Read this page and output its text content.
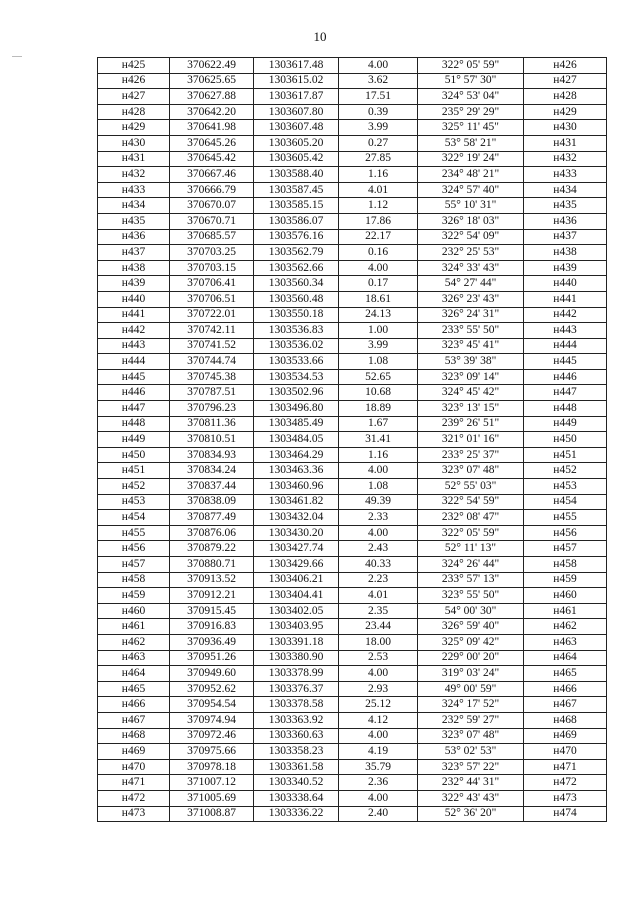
10
н425	370622.49	1303617.48	4.00	322° 05' 59"	н426
н426	370625.65	1303615.02	3.62	51° 57' 30"	н427
н427	370627.88	1303617.87	17.51	324° 53' 04"	н428
н428	370642.20	1303607.80	0.39	235° 29' 29"	н429
н429	370641.98	1303607.48	3.99	325° 11' 45"	н430
н430	370645.26	1303605.20	0.27	53° 58' 21"	н431
н431	370645.42	1303605.42	27.85	322° 19' 24"	н432
н432	370667.46	1303588.40	1.16	234° 48' 21"	н433
н433	370666.79	1303587.45	4.01	324° 57' 40"	н434
н434	370670.07	1303585.15	1.12	55° 10' 31"	н435
н435	370670.71	1303586.07	17.86	326° 18' 03"	н436
н436	370685.57	1303576.16	22.17	322° 54' 09"	н437
н437	370703.25	1303562.79	0.16	232° 25' 53"	н438
н438	370703.15	1303562.66	4.00	324° 33' 43"	н439
н439	370706.41	1303560.34	0.17	54° 27' 44"	н440
н440	370706.51	1303560.48	18.61	326° 23' 43"	н441
н441	370722.01	1303550.18	24.13	326° 24' 31"	н442
н442	370742.11	1303536.83	1.00	233° 55' 50"	н443
н443	370741.52	1303536.02	3.99	323° 45' 41"	н444
н444	370744.74	1303533.66	1.08	53° 39' 38"	н445
н445	370745.38	1303534.53	52.65	323° 09' 14"	н446
н446	370787.51	1303502.96	10.68	324° 45' 42"	н447
н447	370796.23	1303496.80	18.89	323° 13' 15"	н448
н448	370811.36	1303485.49	1.67	239° 26' 51"	н449
н449	370810.51	1303484.05	31.41	321° 01' 16"	н450
н450	370834.93	1303464.29	1.16	233° 25' 37"	н451
н451	370834.24	1303463.36	4.00	323° 07' 48"	н452
н452	370837.44	1303460.96	1.08	52° 55' 03"	н453
н453	370838.09	1303461.82	49.39	322° 54' 59"	н454
н454	370877.49	1303432.04	2.33	232° 08' 47"	н455
н455	370876.06	1303430.20	4.00	322° 05' 59"	н456
н456	370879.22	1303427.74	2.43	52° 11' 13"	н457
н457	370880.71	1303429.66	40.33	324° 26' 44"	н458
н458	370913.52	1303406.21	2.23	233° 57' 13"	н459
н459	370912.21	1303404.41	4.01	323° 55' 50"	н460
н460	370915.45	1303402.05	2.35	54° 00' 30"	н461
н461	370916.83	1303403.95	23.44	326° 59' 40"	н462
н462	370936.49	1303391.18	18.00	325° 09' 42"	н463
н463	370951.26	1303380.90	2.53	229° 00' 20"	н464
н464	370949.60	1303378.99	4.00	319° 03' 24"	н465
н465	370952.62	1303376.37	2.93	49° 00' 59"	н466
н466	370954.54	1303378.58	25.12	324° 17' 52"	н467
н467	370974.94	1303363.92	4.12	232° 59' 27"	н468
н468	370972.46	1303360.63	4.00	323° 07' 48"	н469
н469	370975.66	1303358.23	4.19	53° 02' 53"	н470
н470	370978.18	1303361.58	35.79	323° 57' 22"	н471
н471	371007.12	1303340.52	2.36	232° 44' 31"	н472
н472	371005.69	1303338.64	4.00	322° 43' 43"	н473
н473	371008.87	1303336.22	2.40	52° 36' 20"	н474
